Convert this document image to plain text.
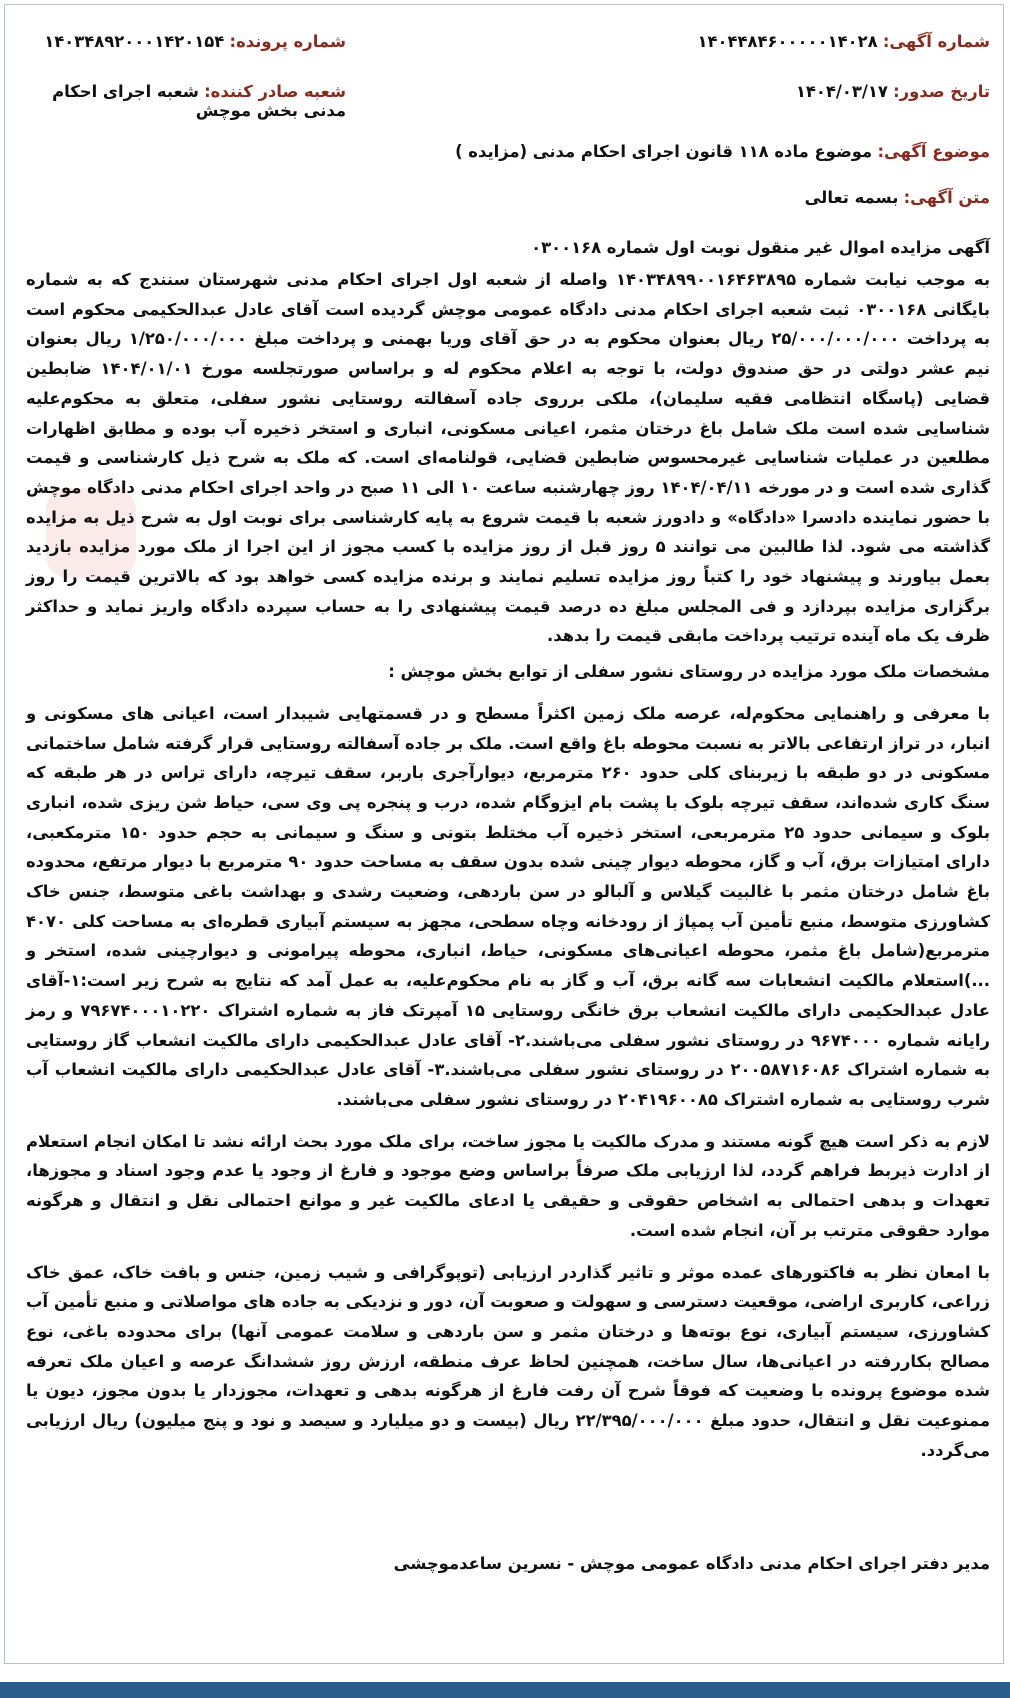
شماره آگهی: ۱۴۰۴۴۸۴۶۰۰۰۰۰۱۴۰۲۸
شماره پرونده: ۱۴۰۳۴۸۹۲۰۰۰۱۴۲۰۱۵۴
تاریخ صدور: ۱۴۰۴/۰۳/۱۷
شعبه صادر کننده: شعبه اجرای احکام مدنی بخش موچش
موضوع آگهی: موضوع ماده ۱۱۸ قانون اجرای احکام مدنی (مزایده )
متن آگهی: بسمه تعالی
آگهی مزایده اموال غیر منقول نوبت اول شماره ۰۳۰۰۱۶۸

به موجب نیابت شماره ۱۴۰۳۴۸۹۹۰۰۱۶۴۶۳۸۹۵ واصله از شعبه اول اجرای احکام مدنی شهرستان سنندج که به شماره بایگانی ۰۳۰۰۱۶۸ ثبت شعبه اجرای احکام مدنی دادگاه عمومی موچش گردیده است آقای عادل عبدالحکیمی محکوم است به پرداخت ۲۵/۰۰۰/۰۰۰/۰۰۰ ریال بعنوان محکوم به در حق آقای وریا بهمنی و پرداخت مبلغ ۱/۲۵۰/۰۰۰/۰۰۰ ریال بعنوان نیم عشر دولتی در حق صندوق دولت، با توجه به اعلام محکوم له و براساس صورتجلسه مورخ ۱۴۰۴/۰۱/۰۱ ضابطین قضایی (پاسگاه انتظامی فقیه سلیمان)، ملکی برروی جاده آسفالته روستایی نشور سفلی، متعلق به محکوم‌علیه شناسایی شده است ملک شامل باغ درختان مثمر، اعیانی مسکونی، انباری و استخر ذخیره آب بوده و مطابق اظهارات مطلعین در عملیات شناسایی غیرمحسوس ضابطین قضایی، قولنامه‌ای است. که ملک به شرح ذیل کارشناسی و قیمت گذاری شده است و در مورخه ۱۴۰۴/۰۴/۱۱ روز چهارشنبه ساعت ۱۰ الی ۱۱ صبح در واحد اجرای احکام مدنی دادگاه موچش با حضور نماینده دادسرا «دادگاه» و دادورز شعبه با قیمت شروع به پایه کارشناسی برای نوبت اول به شرح ذیل به مزایده گذاشته می شود. لذا طالبین می توانند ۵ روز قبل از روز مزایده با کسب مجوز از این اجرا از ملک مورد مزایده بازدید بعمل بیاورند و پیشنهاد خود را کتباً روز مزایده تسلیم نمایند و برنده مزایده کسی خواهد بود که بالاترین قیمت را روز برگزاری مزایده بپردازد و فی المجلس مبلغ ده درصد قیمت پیشنهادی را به حساب سپرده دادگاه واریز نماید و حداکثر ظرف یک ماه آینده ترتیب پرداخت مابقی قیمت را بدهد.

مشخصات ملک مورد مزایده در روستای نشور سفلی از توابع بخش موچش :

با معرفی و راهنمایی محکوم‌له، عرصه ملک زمین اکثراً مسطح و در قسمتهایی شیبدار است، اعیانی های مسکونی و انبار، در تراز ارتفاعی بالاتر به نسبت محوطه باغ واقع است. ملک بر جاده آسفالته روستایی قرار گرفته شامل ساختمانی مسکونی در دو طبقه با زیربنای کلی حدود ۲۶۰ مترمربع، دیوارآجری باربر، سقف تیرچه، دارای تراس در هر طبقه که سنگ کاری شده‌اند، سقف تیرچه بلوک با پشت بام ایزوگام شده، درب و پنجره پی وی سی، حیاط شن ریزی شده، انباری بلوک و سیمانی حدود ۲۵ مترمربعی، استخر ذخیره آب مختلط بتونی و سنگ و سیمانی به حجم حدود ۱۵۰ مترمکعبی، دارای امتیازات برق، آب و گاز، محوطه دیوار چینی شده بدون سقف به مساحت حدود ۹۰ مترمربع با دیوار مرتفع، محدوده باغ شامل درختان مثمر با غالبیت گیلاس و آلبالو در سن باردهی، وضعیت رشدی و بهداشت باغی متوسط، جنس خاک کشاورزی متوسط، منبع تأمین آب پمپاژ از رودخانه وچاه سطحی، مجهز به سیستم آبیاری قطره‌ای به مساحت کلی ۴۰۷۰ مترمربع(شامل باغ مثمر، محوطه اعیانی‌های مسکونی، حیاط، انباری، محوطه پیرامونی و دیوارچینی شده، استخر و ...)استعلام مالکیت انشعابات سه گانه برق، آب و گاز به نام محکوم‌علیه، به عمل آمد که نتایج به شرح زیر است:۱-آقای عادل عبدالحکیمی دارای مالکیت انشعاب برق خانگی روستایی ۱۵ آمپرتک فاز به شماره اشتراک ۷۹۶۷۴۰۰۰۱۰۲۲۰ و رمز رایانه شماره ۹۶۷۴۰۰۰ در روستای نشور سفلی می‌باشند.۲- آقای عادل عبدالحکیمی دارای مالکیت انشعاب گاز روستایی به شماره اشتراک ۲۰۰۵۸۷۱۶۰۸۶ در روستای نشور سفلی می‌باشند.۳- آقای عادل عبدالحکیمی دارای مالکیت انشعاب آب شرب روستایی به شماره اشتراک ۲۰۴۱۹۶۰۰۸۵ در روستای نشور سفلی می‌باشند.

لازم به ذکر است هیچ گونه مستند و مدرک مالکیت یا مجوز ساخت، برای ملک مورد بحث ارائه نشد تا امکان انجام استعلام از ادارت ذیربط فراهم گردد، لذا ارزیابی ملک صرفاً براساس وضع موجود و فارغ از وجود یا عدم وجود اسناد و مجوزها، تعهدات و بدهی احتمالی به اشخاص حقوقی و حقیقی یا ادعای مالکیت غیر و موانع احتمالی نقل و انتقال و هرگونه موارد حقوقی مترتب بر آن، انجام شده است.

با امعان نظر به فاکتورهای عمده موثر و تاثیر گذاردر ارزیابی (توپوگرافی و شیب زمین، جنس و بافت خاک، عمق خاک زراعی، کاربری اراضی، موقعیت دسترسی و سهولت و صعوبت آن، دور و نزدیکی به جاده های مواصلاتی و منبع تأمین آب کشاورزی، سیستم آبیاری، نوع بوته‌ها و درختان مثمر و سن باردهی و سلامت عمومی آنها) برای محدوده باغی، نوع مصالح بکاررفته در اعیانی‌ها، سال ساخت، همچنین لحاظ عرف منطقه، ارزش روز ششدانگ عرصه و اعیان ملک تعرفه شده موضوع پرونده با وضعیت که فوقاً شرح آن رفت فارغ از هرگونه بدهی و تعهدات، مجوزدار یا بدون مجوز، دیون یا ممنوعیت نقل و انتقال، حدود مبلغ ۲۲/۳۹۵/۰۰۰/۰۰۰ ریال (بیست و دو میلیارد و سیصد و نود و پنج میلیون) ریال ارزیابی می‌گردد.

مدیر دفتر اجرای احکام مدنی دادگاه عمومی موچش - نسرین ساعدموچشی
